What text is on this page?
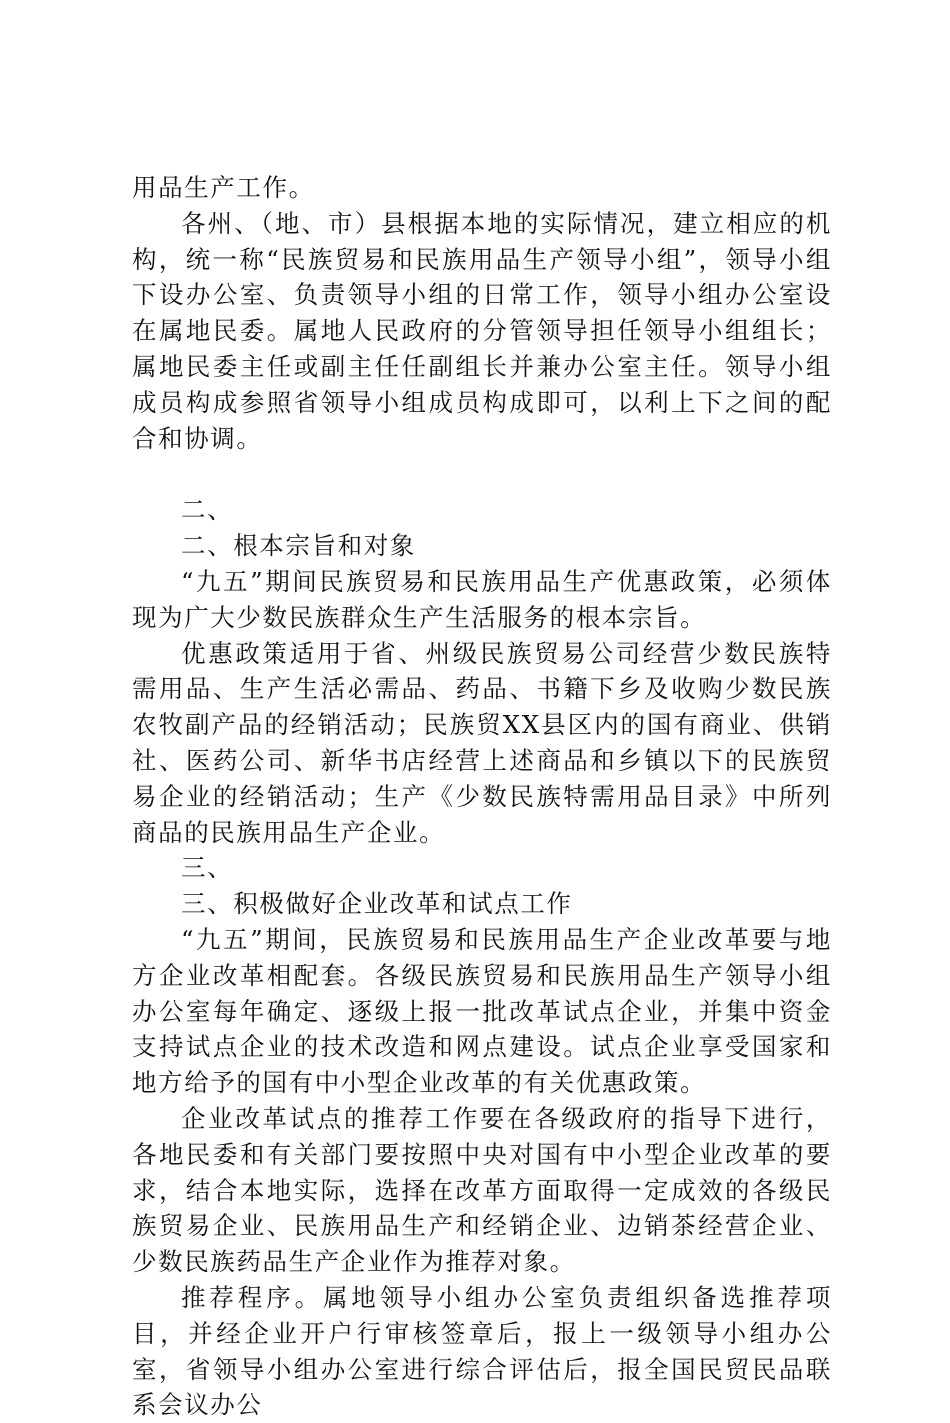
用品生产工作。

各州、（地、市）县根据本地的实际情况，建立相应的机构，统一称“民族贸易和民族用品生产领导小组”，领导小组下设办公室、负责领导小组的日常工作，领导小组办公室设在属地民委。属地人民政府的分管领导担任领导小组组长；属地民委主任或副主任任副组长并兼办公室主任。领导小组成员构成参照省领导小组成员构成即可，以利上下之间的配合和协调。

二、

二、根本宗旨和对象

“九五”期间民族贸易和民族用品生产优惠政策，必须体现为广大少数民族群众生产生活服务的根本宗旨。

优惠政策适用于省、州级民族贸易公司经营少数民族特需用品、生产生活必需品、药品、书籍下乡及收购少数民族农牧副产品的经销活动；民族贸XX县区内的国有商业、供销社、医药公司、新华书店经营上述商品和乡镇以下的民族贸易企业的经销活动；生产《少数民族特需用品目录》中所列商品的民族用品生产企业。

三、

三、积极做好企业改革和试点工作

“九五”期间，民族贸易和民族用品生产企业改革要与地方企业改革相配套。各级民族贸易和民族用品生产领导小组办公室每年确定、逐级上报一批改革试点企业，并集中资金支持试点企业的技术改造和网点建设。试点企业享受国家和地方给予的国有中小型企业改革的有关优惠政策。

企业改革试点的推荐工作要在各级政府的指导下进行，各地民委和有关部门要按照中央对国有中小型企业改革的要求，结合本地实际，选择在改革方面取得一定成效的各级民族贸易企业、民族用品生产和经销企业、边销茶经营企业、少数民族药品生产企业作为推荐对象。

推荐程序。属地领导小组办公室负责组织备选推荐项目，并经企业开户行审核签章后，报上一级领导小组办公室，省领导小组办公室进行综合评估后，报全国民贸民品联系会议办公
